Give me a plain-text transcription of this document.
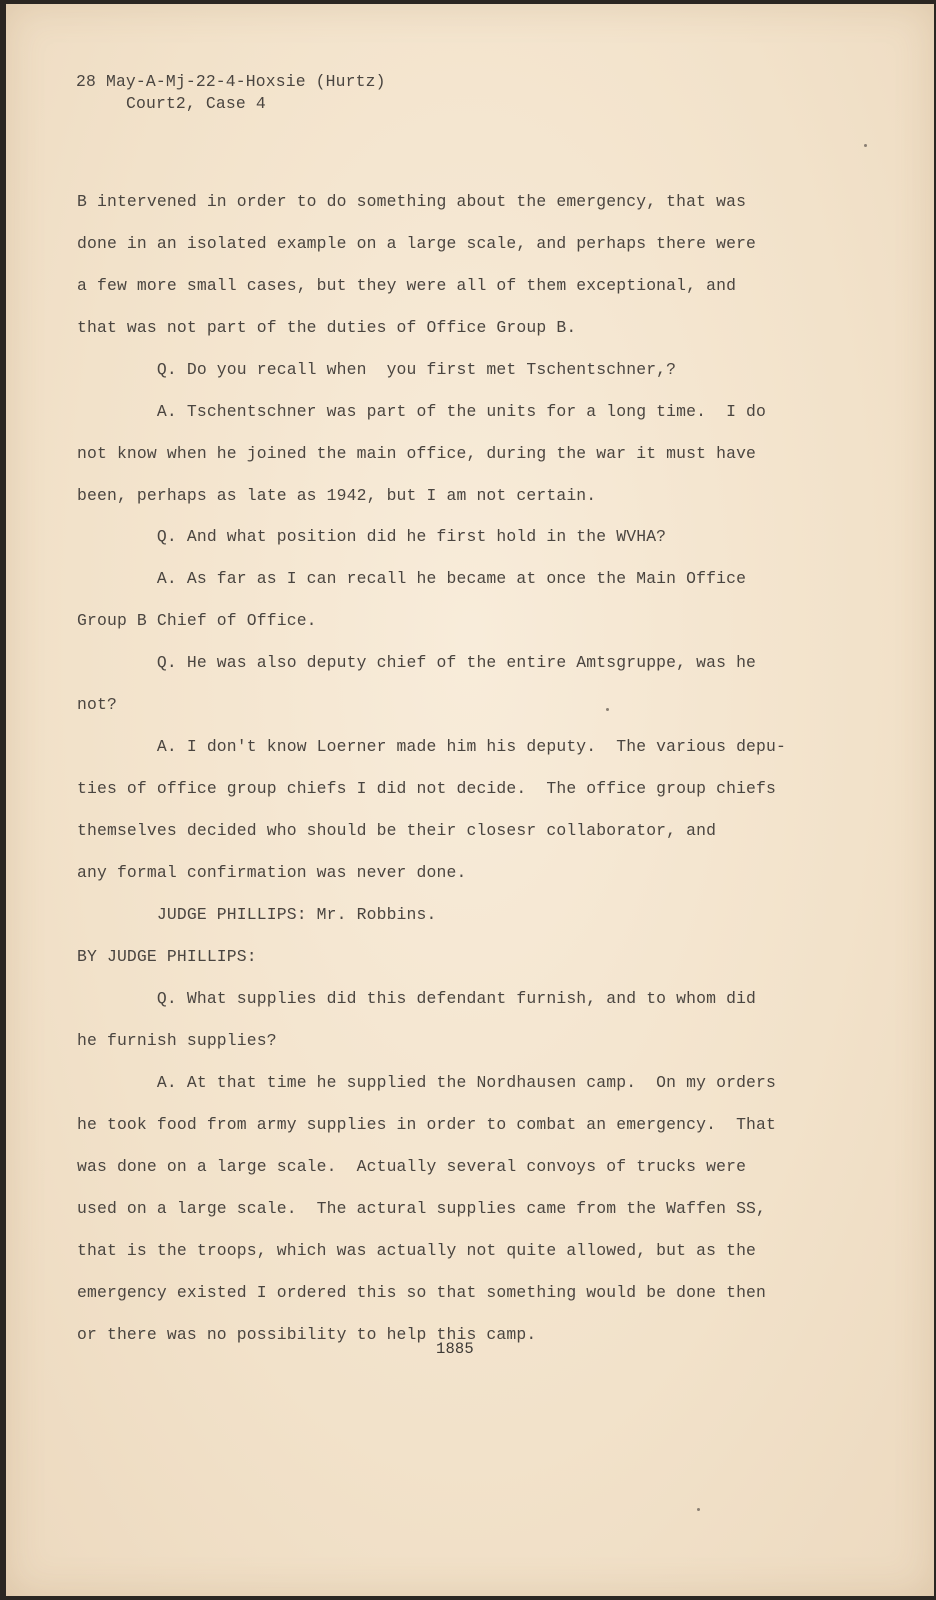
28 May-A-Mj-22-4-Hoxsie (Hurtz)
Court2, Case 4
B intervened in order to do something about the emergency, that was
done in an isolated example on a large scale, and perhaps there were
a few more small cases, but they were all of them exceptional, and
that was not part of the duties of Office Group B.
Q. Do you recall when  you first met Tschentschner,?
A. Tschentschner was part of the units for a long time.  I do
not know when he joined the main office, during the war it must have
been, perhaps as late as 1942, but I am not certain.
Q. And what position did he first hold in the WVHA?
A. As far as I can recall he became at once the Main Office
Group B Chief of Office.
Q. He was also deputy chief of the entire Amtsgruppe, was he
not?
A. I don't know Loerner made him his deputy.  The various depu-
ties of office group chiefs I did not decide.  The office group chiefs
themselves decided who should be their closesr collaborator, and
any formal confirmation was never done.
JUDGE PHILLIPS: Mr. Robbins.
BY JUDGE PHILLIPS:
Q. What supplies did this defendant furnish, and to whom did
he furnish supplies?
A. At that time he supplied the Nordhausen camp.  On my orders
he took food from army supplies in order to combat an emergency.  That
was done on a large scale.  Actually several convoys of trucks were
used on a large scale.  The actural supplies came from the Waffen SS,
that is the troops, which was actually not quite allowed, but as the
emergency existed I ordered this so that something would be done then
or there was no possibility to help this camp.
1885
